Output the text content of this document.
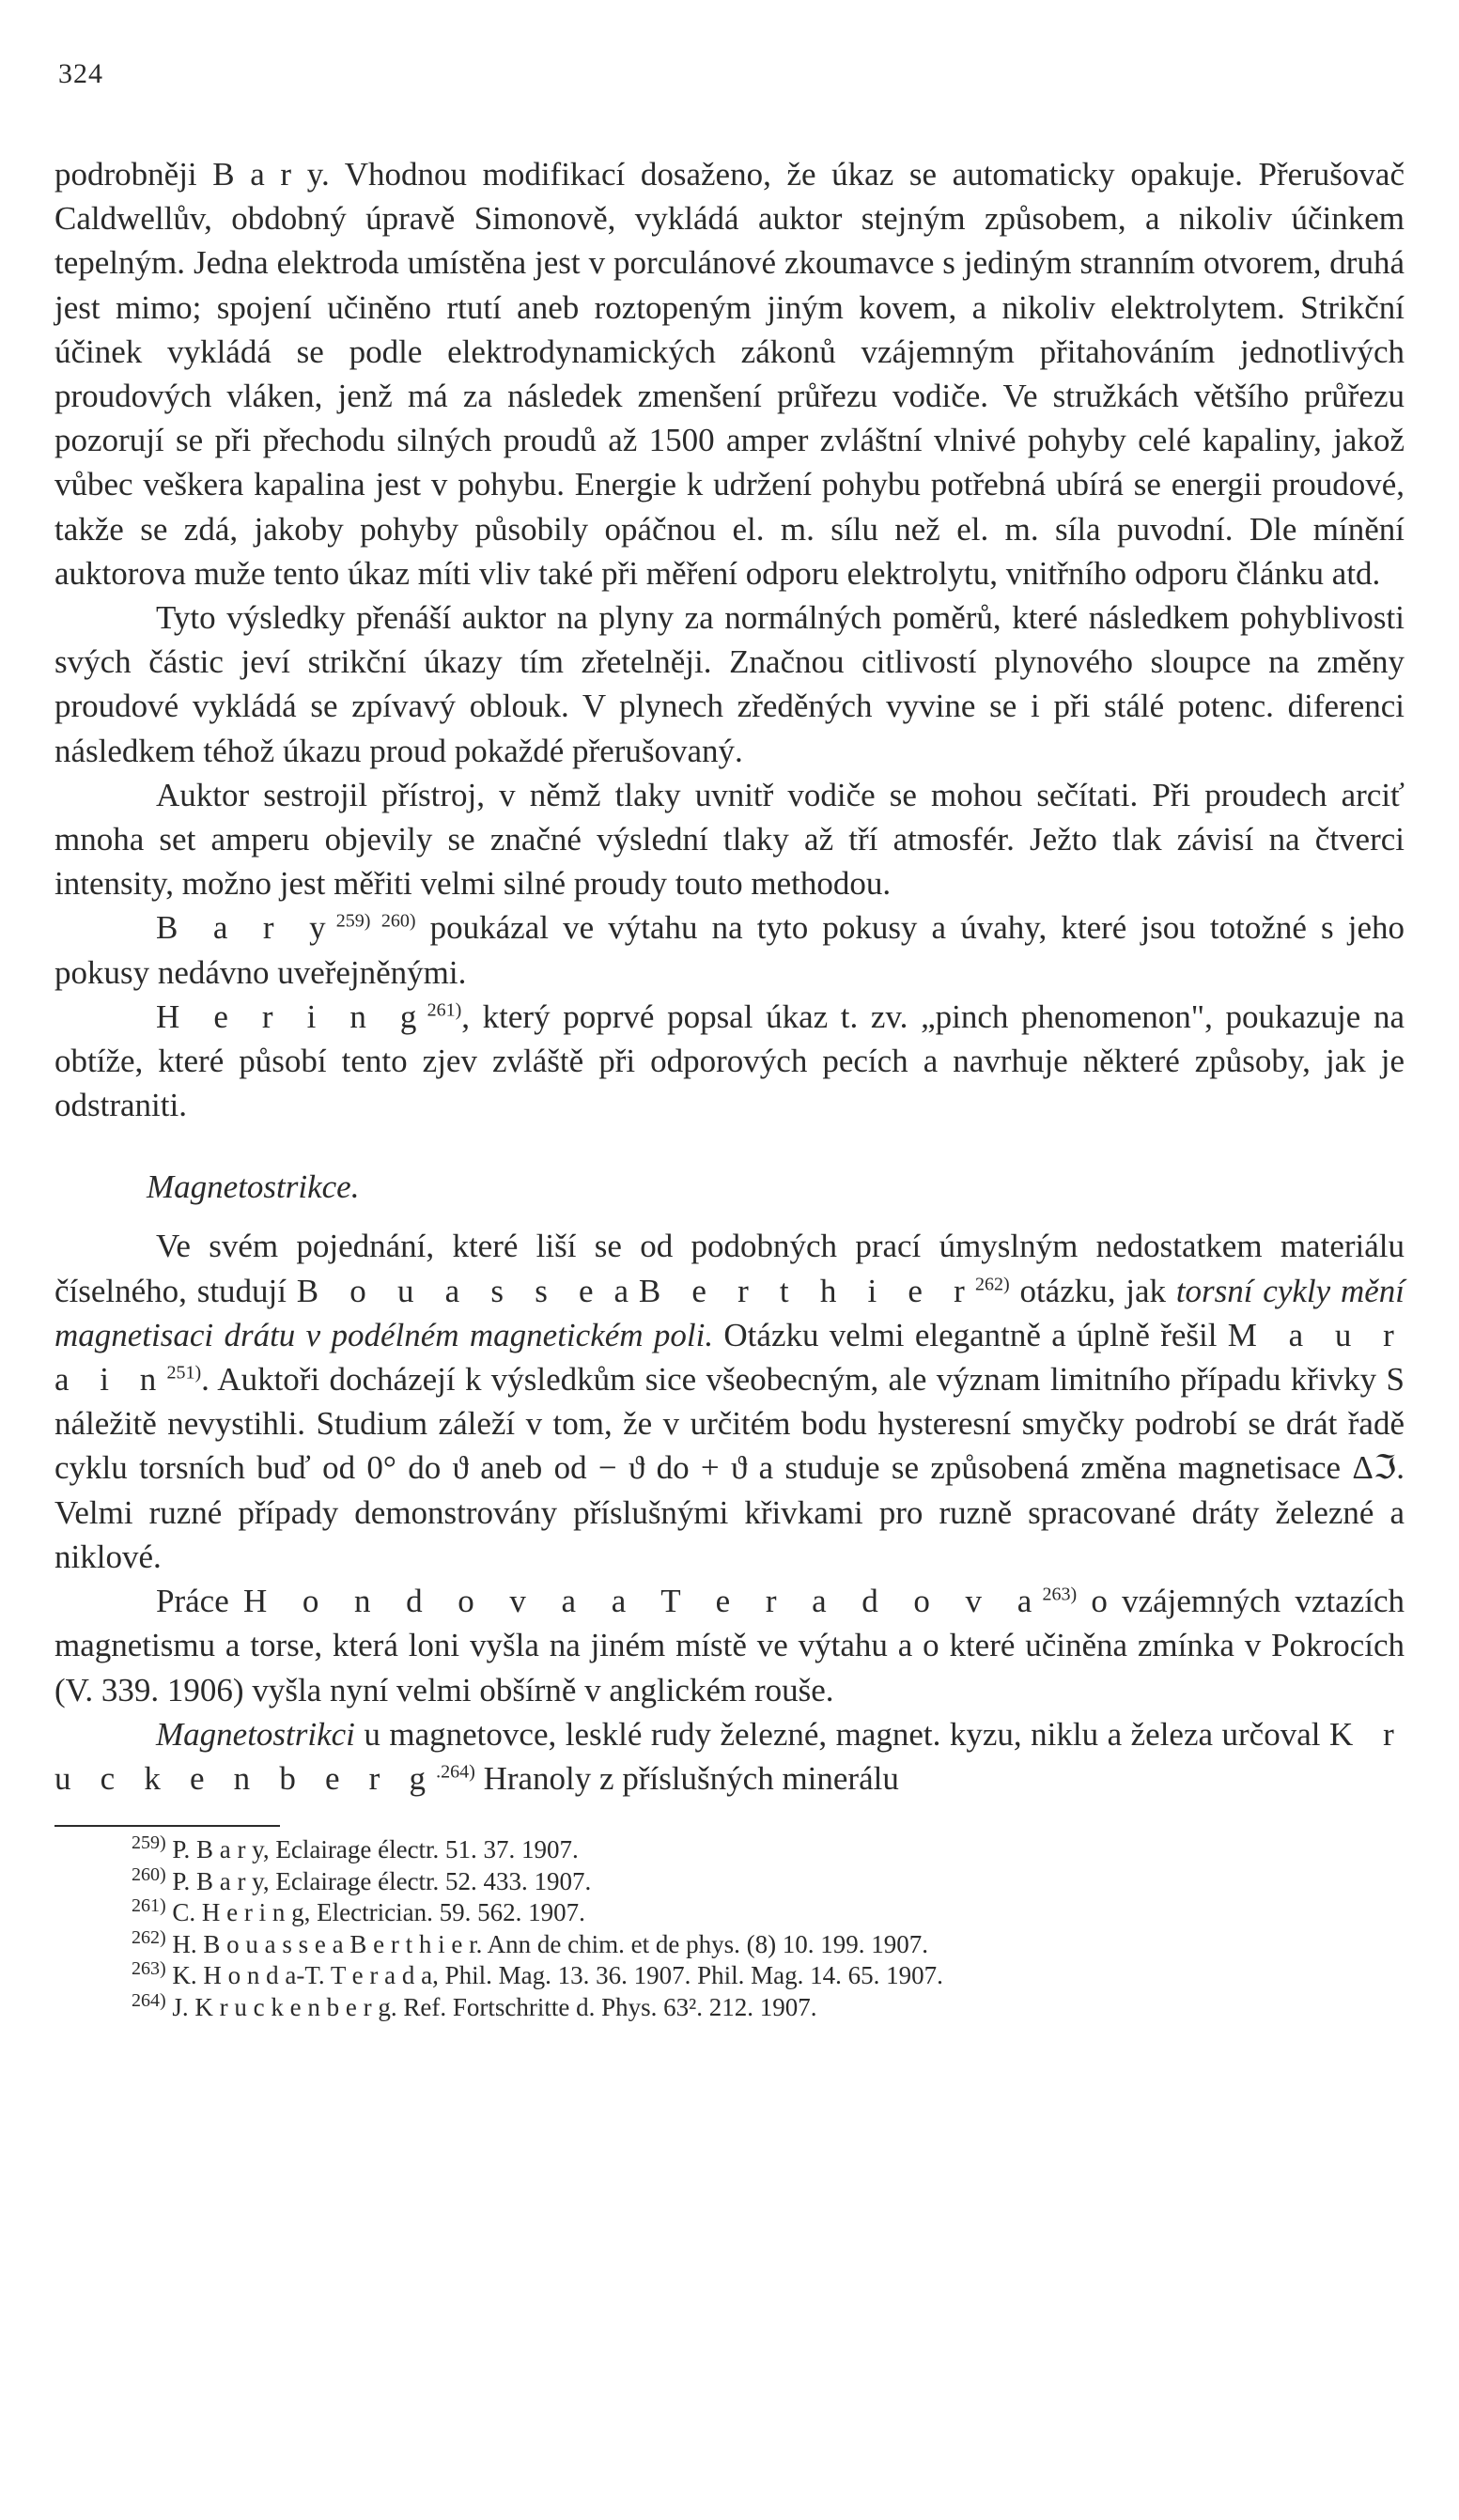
324

podrobněji B a r y. Vhodnou modifikací dosaženo, že úkaz se automaticky opakuje. Přerušovač Caldwellův, obdobný úpravě Simonově, vykládá auktor stejným způsobem, a nikoliv účinkem tepelným. Jedna elektroda umístěna jest v porculánové zkoumavce s jediným stranním otvorem, druhá jest mimo; spojení učiněno rtutí aneb roztopeným jiným kovem, a nikoliv elektrolytem. Strikční účinek vykládá se podle elektrodynamických zákonů vzájemným přitahováním jednotlivých proudových vláken, jenž má za následek zmenšení průřezu vodiče. Ve stružkách většího průřezu pozorují se při přechodu silných proudů až 1500 amper zvláštní vlnivé pohyby celé kapaliny, jakož vůbec veškera kapalina jest v pohybu. Energie k udržení pohybu potřebná ubírá se energii proudové, takže se zdá, jakoby pohyby působily opáčnou el. m. sílu než el. m. síla puvodní. Dle mínění auktorova muže tento úkaz míti vliv také při měření odporu elektrolytu, vnitřního odporu článku atd.

Tyto výsledky přenáší auktor na plyny za normálných poměrů, které následkem pohyblivosti svých částic jeví strikční úkazy tím zřetelněji. Značnou citlivostí plynového sloupce na změny proudové vykládá se zpívavý oblouk. V plynech zředěných vyvine se i při stálé potenc. diferenci následkem téhož úkazu proud pokaždé přerušovaný.

Auktor sestrojil přístroj, v němž tlaky uvnitř vodiče se mohou sečítati. Při proudech arciť mnoha set amperu objevily se značné výslední tlaky až tří atmosfér. Ježto tlak závisí na čtverci intensity, možno jest měřiti velmi silné proudy touto methodou.

B a r $y^{259) 260)}$ poukázal ve výtahu na tyto pokusy a úvahy, které jsou totožné s jeho pokusy nedávno uveřejněnými.

H e r i n $g^{261)}$, který poprvé popsal úkaz t. zv. „pinch phenomenon", poukazuje na obtíže, které působí tento zjev zvláště při odporových pecích a navrhuje některé způsoby, jak je odstraniti.

Magnetostrikce.

Ve svém pojednání, které liší se od podobných prací úmyslným nedostatkem materiálu číselného, studují B o u a s s e a B e r t h i e $r^{262)}$ otázku, jak torsní cykly mění magnetisaci drátu v podélném magnetickém poli. Otázku velmi elegantně a úplně řešil M a u r a i $n^{251)}$. Auktoři docházejí k výsledkům sice všeobecným, ale význam limitního případu křivky S náležitě nevystihli. Studium záleží v tom, že v určitém bodu hysteresní smyčky podrobí se drát řadě cyklu torsních buď od 0° do ϑ aneb od − ϑ do + ϑ a studuje se způsobená změna magnetisace Δℑ. Velmi ruzné případy demonstrovány příslušnými křivkami pro ruzně spracované dráty železné a niklové.

Práce H o n d o v a a T e r a d o v $a^{263)}$ o vzájemných vztazích magnetismu a torse, která loni vyšla na jiném místě ve výtahu a o které učiněna zmínka v Pokrocích (V. 339. 1906) vyšla nyní velmi obšírně v anglickém rouše.

Magnetostrikci u magnetovce, lesklé rudy železné, magnet. kyzu, niklu a železa určoval K r u c k e n b e r $g^{.264)}$ Hranoly z příslušných minerálu

259) P. B a r y, Eclairage électr. 51. 37. 1907.
260) P. B a r y, Eclairage électr. 52. 433. 1907.
261) C. H e r i n g, Electrician. 59. 562. 1907.
262) H. B o u a s s e a B e r t h i e r. Ann de chim. et de phys. (8) 10. 199. 1907.
263) K. H o n d a-T. T e r a d a, Phil. Mag. 13. 36. 1907. Phil. Mag. 14. 65. 1907.
264) J. K r u c k e n b e r g. Ref. Fortschritte d. Phys. 63². 212. 1907.
